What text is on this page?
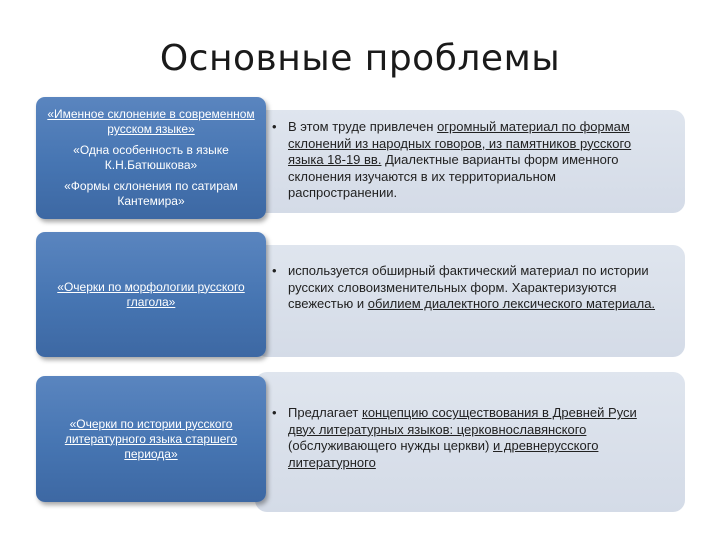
Основные проблемы

«Именное склонение в современном русском языке»

«Одна особенность в языке К.Н.Батюшкова»

«Формы склонения по сатирам Кантемира»

• В этом труде привлечен огромный материал по формам склонений из народных говоров, из памятников русского языка 18-19 вв. Диалектные варианты форм именного склонения изучаются в их территориальном распространении.

«Очерки по морфологии русского глагола»

• используется обширный фактический материал по истории русских словоизменительных форм. Характеризуются свежестью и обилием диалектного лексического материала.

«Очерки по истории русского литературного языка старшего периода»

• Предлагает концепцию сосуществования в Древней Руси двух литературных языков: церковнославянского (обслуживающего нужды церкви) и древнерусского литературного
